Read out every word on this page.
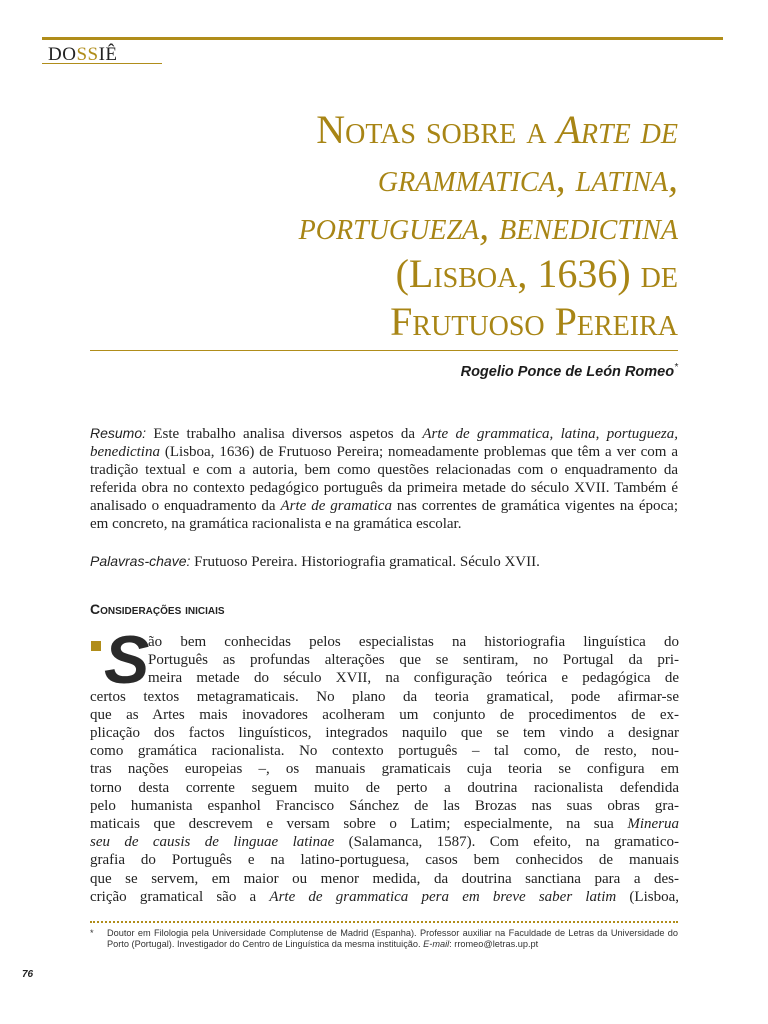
DOSSIÊ
Notas sobre a Arte de
grammatica, latina,
portugueza, benedictina
(Lisboa, 1636) de
Frutuoso Pereira
Rogelio Ponce de León Romeo*
Resumo: Este trabalho analisa diversos aspetos da Arte de grammatica, latina, portugueza, benedictina (Lisboa, 1636) de Frutuoso Pereira; nomeadamente problemas que têm a ver com a tradição textual e com a autoria, bem como questões relacionadas com o enquadramento da referida obra no contexto pedagógico português da primeira metade do século XVII. Também é analisado o enquadramento da Arte de gramatica nas correntes de gramática vigentes na época; em concreto, na gramática racionalista e na gramática escolar.
Palavras-chave: Frutuoso Pereira. Historiografia gramatical. Século XVII.
Considerações iniciais
S
ão bem conhecidas pelos especialistas na historiografia linguística do
Português as profundas alterações que se sentiram, no Portugal da pri-
meira metade do século XVII, na configuração teórica e pedagógica de
certos textos metagramaticais. No plano da teoria gramatical, pode afirmar-se
que as Artes mais inovadores acolheram um conjunto de procedimentos de ex-
plicação dos factos linguísticos, integrados naquilo que se tem vindo a designar
como gramática racionalista. No contexto português – tal como, de resto, nou-
tras nações europeias –, os manuais gramaticais cuja teoria se configura em
torno desta corrente seguem muito de perto a doutrina racionalista defendida
pelo humanista espanhol Francisco Sánchez de las Brozas nas suas obras gra-
maticais que descrevem e versam sobre o Latim; especialmente, na sua Minerua
seu de causis de linguae latinae (Salamanca, 1587). Com efeito, na gramatico-
grafia do Português e na latino-portuguesa, casos bem conhecidos de manuais
que se servem, em maior ou menor medida, da doutrina sanctiana para a des-
crição gramatical são a Arte de grammatica pera em breve saber latim (Lisboa,
*	Doutor em Filologia pela Universidade Complutense de Madrid (Espanha). Professor auxiliar na Faculdade de Letras da Universidade do Porto (Portugal). Investigador do Centro de Linguística da mesma instituição. E-mail: rromeo@letras.up.pt
76
